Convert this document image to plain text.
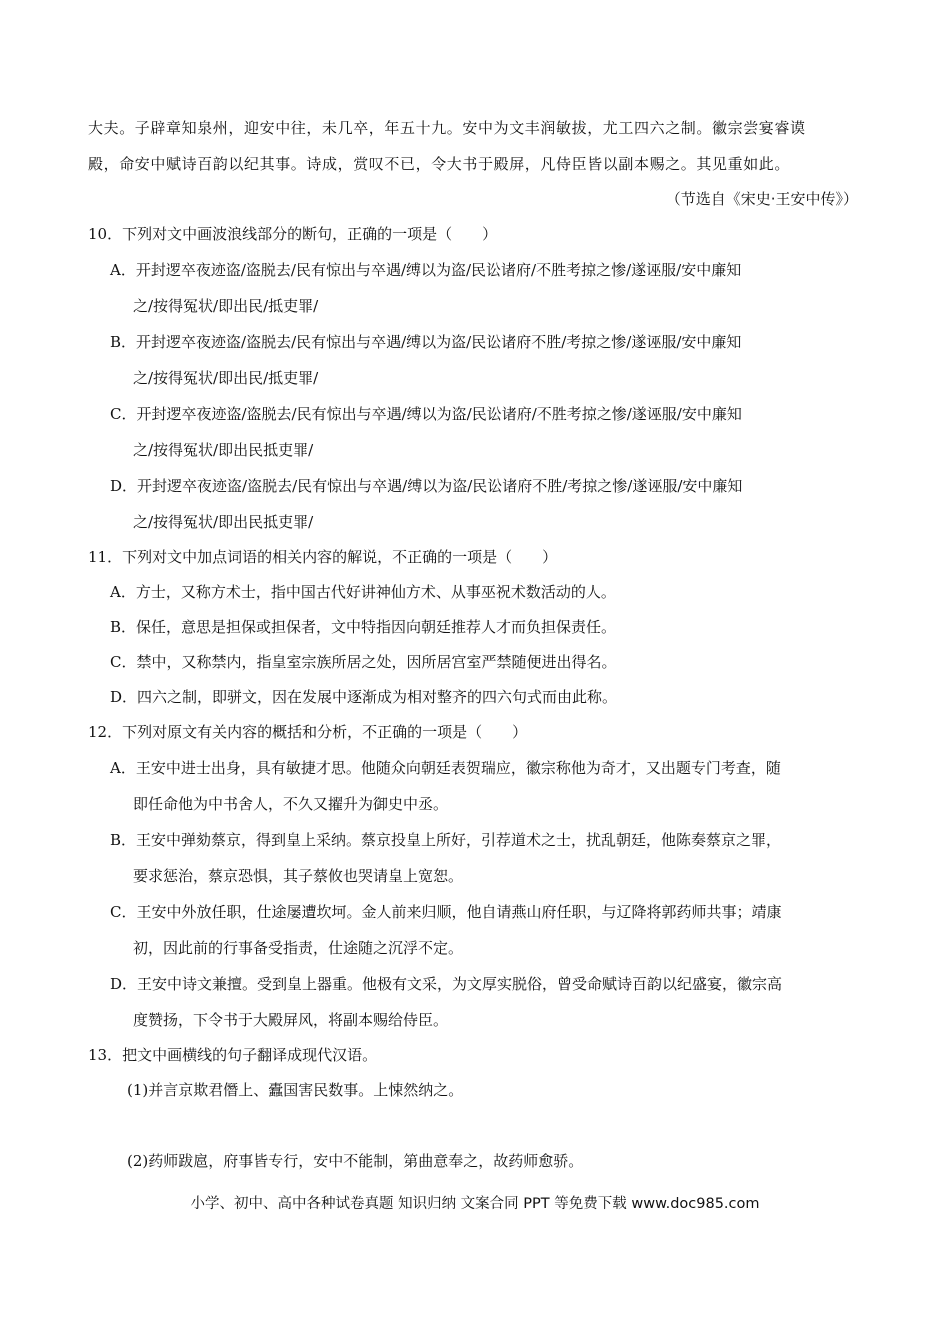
大夫。子辟章知泉州，迎安中往，未几卒，年五十九。安中为文丰润敏拔，尤工四六之制。徽宗尝宴睿谟
殿，命安中赋诗百韵以纪其事。诗成，赏叹不已，令大书于殿屏，凡侍臣皆以副本赐之。其见重如此。
（节选自《宋史·王安中传》）
10．下列对文中画波浪线部分的断句，正确的一项是（　　）
A．开封逻卒夜迹盗/盗脱去/民有惊出与卒遇/缚以为盗/民讼诸府/不胜考掠之惨/遂诬服/安中廉知
之/按得冤状/即出民/抵吏罪/
B．开封逻卒夜迹盗/盗脱去/民有惊出与卒遇/缚以为盗/民讼诸府不胜/考掠之惨/遂诬服/安中廉知
之/按得冤状/即出民/抵吏罪/
C．开封逻卒夜迹盗/盗脱去/民有惊出与卒遇/缚以为盗/民讼诸府/不胜考掠之惨/遂诬服/安中廉知
之/按得冤状/即出民抵吏罪/
D．开封逻卒夜迹盗/盗脱去/民有惊出与卒遇/缚以为盗/民讼诸府不胜/考掠之惨/遂诬服/安中廉知
之/按得冤状/即出民抵吏罪/
11．下列对文中加点词语的相关内容的解说，不正确的一项是（　　）
A．方士，又称方术士，指中国古代好讲神仙方术、从事巫祝术数活动的人。
B．保任，意思是担保或担保者，文中特指因向朝廷推荐人才而负担保责任。
C．禁中，又称禁内，指皇室宗族所居之处，因所居宫室严禁随便进出得名。
D．四六之制，即骈文，因在发展中逐渐成为相对整齐的四六句式而由此称。
12．下列对原文有关内容的概括和分析，不正确的一项是（　　）
A．王安中进士出身，具有敏捷才思。他随众向朝廷表贺瑞应，徽宗称他为奇才，又出题专门考查，随
即任命他为中书舍人，不久又擢升为御史中丞。
B．王安中弹劾蔡京，得到皇上采纳。蔡京投皇上所好，引荐道术之士，扰乱朝廷，他陈奏蔡京之罪，
要求惩治，蔡京恐惧，其子蔡攸也哭请皇上宽恕。
C．王安中外放任职，仕途屡遭坎坷。金人前来归顺，他自请燕山府任职，与辽降将郭药师共事；靖康
初，因此前的行事备受指责，仕途随之沉浮不定。
D．王安中诗文兼擅。受到皇上器重。他极有文采，为文厚实脱俗，曾受命赋诗百韵以纪盛宴，徽宗高
度赞扬，下令书于大殿屏风，将副本赐给侍臣。
13．把文中画横线的句子翻译成现代汉语。
(1)并言京欺君僭上、蠹国害民数事。上悚然纳之。
(2)药师跋扈，府事皆专行，安中不能制，第曲意奉之，故药师愈骄。
小学、初中、高中各种试卷真题 知识归纳 文案合同 PPT 等免费下载 www.doc985.com
